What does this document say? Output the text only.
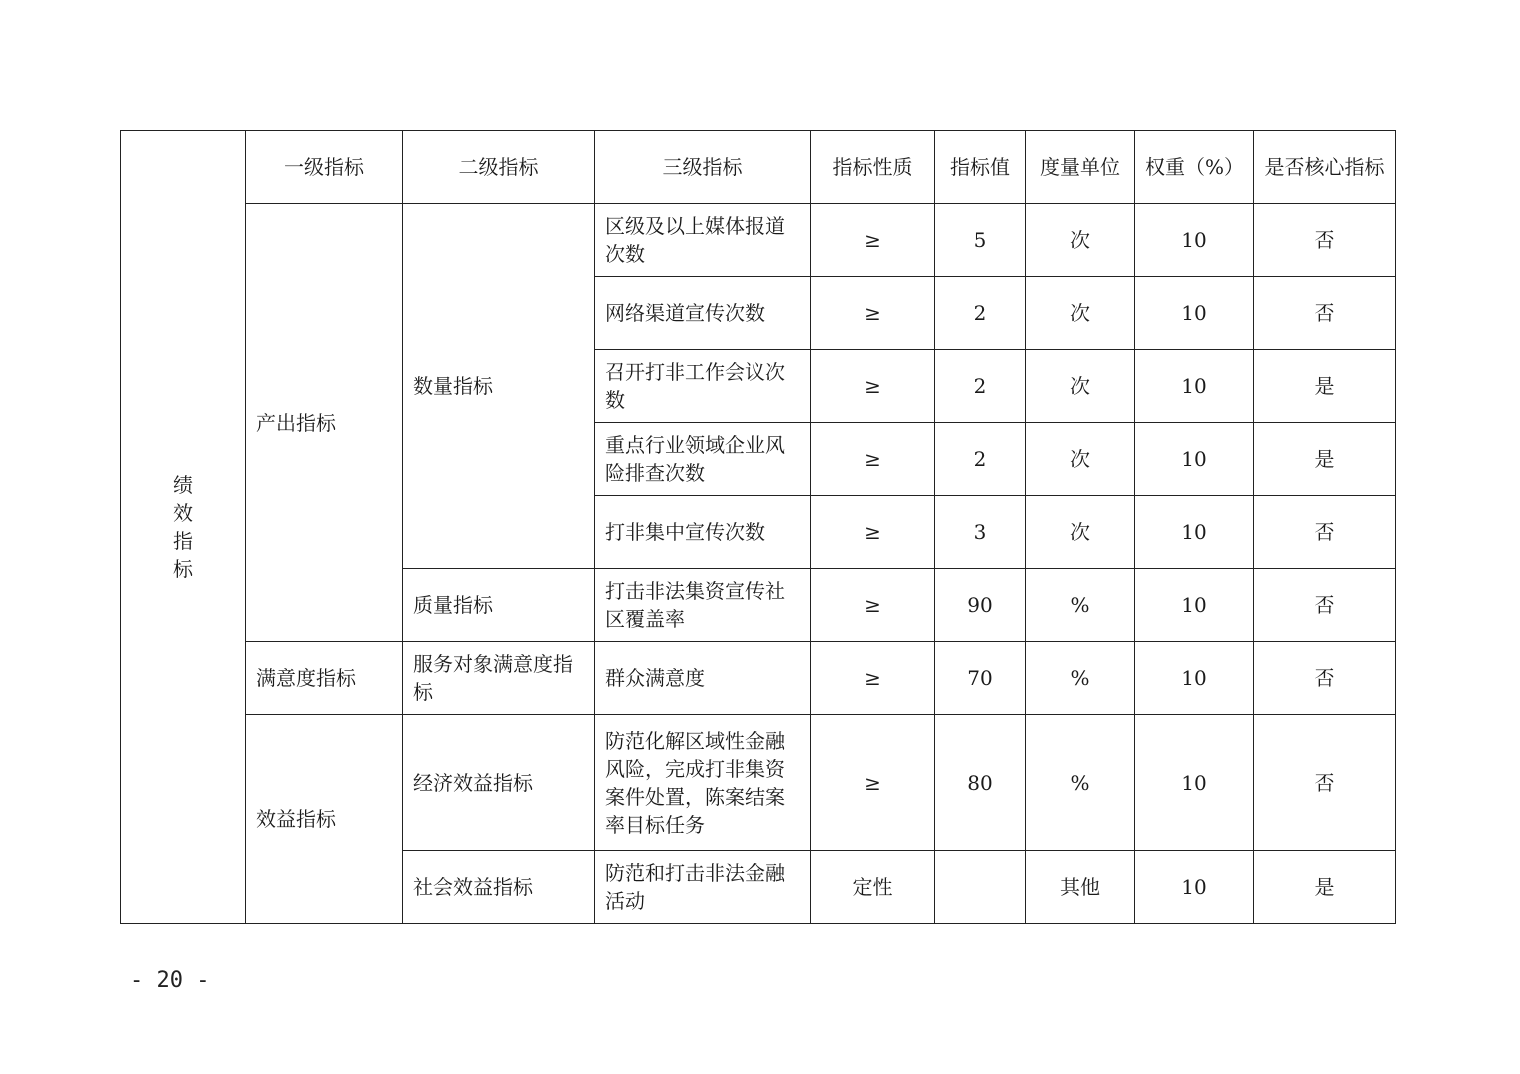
绩效指标	一级指标	二级指标	三级指标	指标性质	指标值	度量单位	权重（%）	是否核心指标
	产出指标	数量指标	区级及以上媒体报道次数	≥	5	次	10	否
			网络渠道宣传次数	≥	2	次	10	否
			召开打非工作会议次数	≥	2	次	10	是
			重点行业领域企业风险排查次数	≥	2	次	10	是
			打非集中宣传次数	≥	3	次	10	否
		质量指标	打击非法集资宣传社区覆盖率	≥	90	%	10	否
	满意度指标	服务对象满意度指标	群众满意度	≥	70	%	10	否
	效益指标	经济效益指标	防范化解区域性金融风险，完成打非集资案件处置，陈案结案率目标任务	≥	80	%	10	否
		社会效益指标	防范和打击非法金融活动	定性		其他	10	是
- 20 -
